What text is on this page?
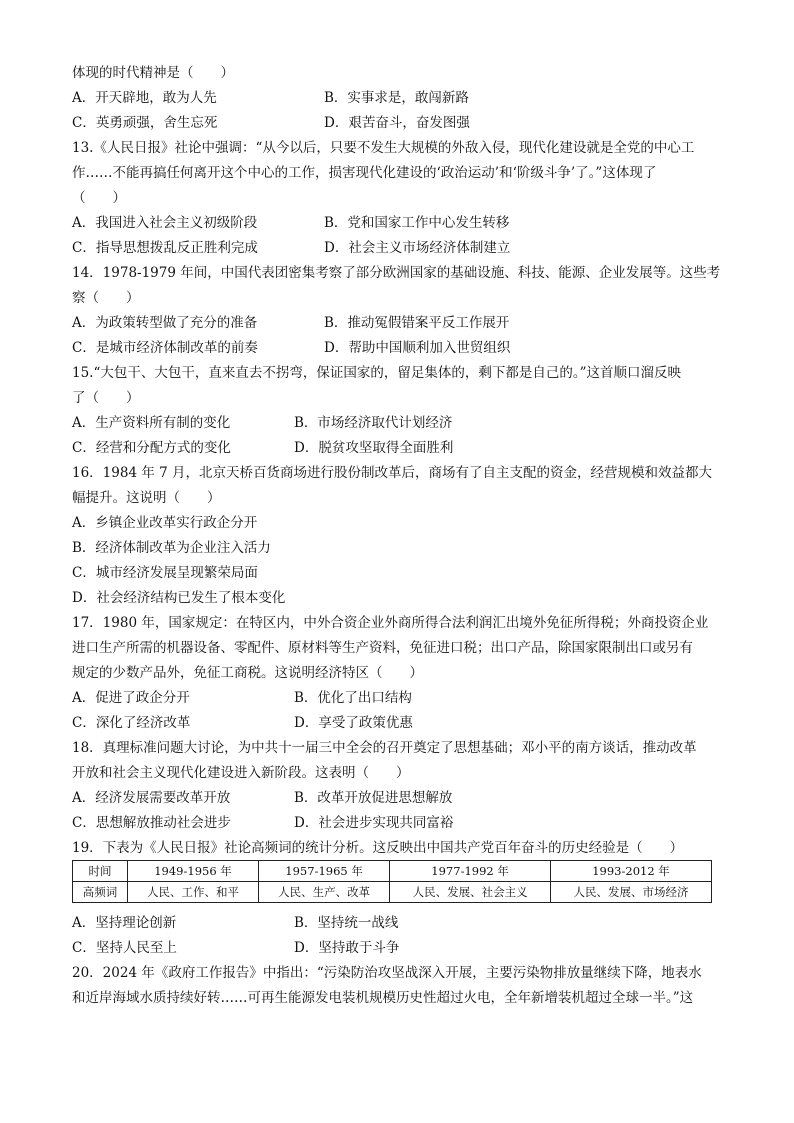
体现的时代精神是（　　）
A．开天辟地，敢为人先	B．实事求是，敢闯新路
C．英勇顽强，舍生忘死	D．艰苦奋斗，奋发图强
13.《人民日报》社论中强调：“从今以后，只要不发生大规模的外敌入侵，现代化建设就是全党的中心工
作……不能再搞任何离开这个中心的工作，损害现代化建设的‘政治运动’和‘阶级斗争’了。”这体现了
（　　）
A．我国进入社会主义初级阶段	B．党和国家工作中心发生转移
C．指导思想拨乱反正胜利完成	D．社会主义市场经济体制建立
14．1978-1979 年间，中国代表团密集考察了部分欧洲国家的基础设施、科技、能源、企业发展等。这些考
察（　　）
A．为政策转型做了充分的准备	B．推动冤假错案平反工作展开
C．是城市经济体制改革的前奏	D．帮助中国顺利加入世贸组织
15.“大包干、大包干，直来直去不拐弯，保证国家的，留足集体的，剩下都是自己的。”这首顺口溜反映
了（　　）
A．生产资料所有制的变化	B．市场经济取代计划经济
C．经营和分配方式的变化	D．脱贫攻坚取得全面胜利
16．1984 年 7 月，北京天桥百货商场进行股份制改革后，商场有了自主支配的资金，经营规模和效益都大
幅提升。这说明（　　）
A．乡镇企业改革实行政企分开
B．经济体制改革为企业注入活力
C．城市经济发展呈现繁荣局面
D．社会经济结构已发生了根本变化
17．1980 年，国家规定：在特区内，中外合资企业外商所得合法利润汇出境外免征所得税；外商投资企业
进口生产所需的机器设备、零配件、原材料等生产资料，免征进口税；出口产品，除国家限制出口或另有
规定的少数产品外，免征工商税。这说明经济特区（　　）
A．促进了政企分开	B．优化了出口结构
C．深化了经济改革	D．享受了政策优惠
18．真理标准问题大讨论，为中共十一届三中全会的召开奠定了思想基础；邓小平的南方谈话，推动改革
开放和社会主义现代化建设进入新阶段。这表明（　　）
A．经济发展需要改革开放	B．改革开放促进思想解放
C．思想解放推动社会进步	D．社会进步实现共同富裕
19．下表为《人民日报》社论高频词的统计分析。这反映出中国共产党百年奋斗的历史经验是（　　）
时间	1949-1956 年	1957-1965 年	1977-1992 年	1993-2012 年
高频词	人民、工作、和平	人民、生产、改革	人民、发展、社会主义	人民、发展、市场经济
A．坚持理论创新	B．坚持统一战线
C．坚持人民至上	D．坚持敢于斗争
20．2024 年《政府工作报告》中指出：“污染防治攻坚战深入开展，主要污染物排放量继续下降，地表水
和近岸海域水质持续好转……可再生能源发电装机规模历史性超过火电，全年新增装机超过全球一半。”这
